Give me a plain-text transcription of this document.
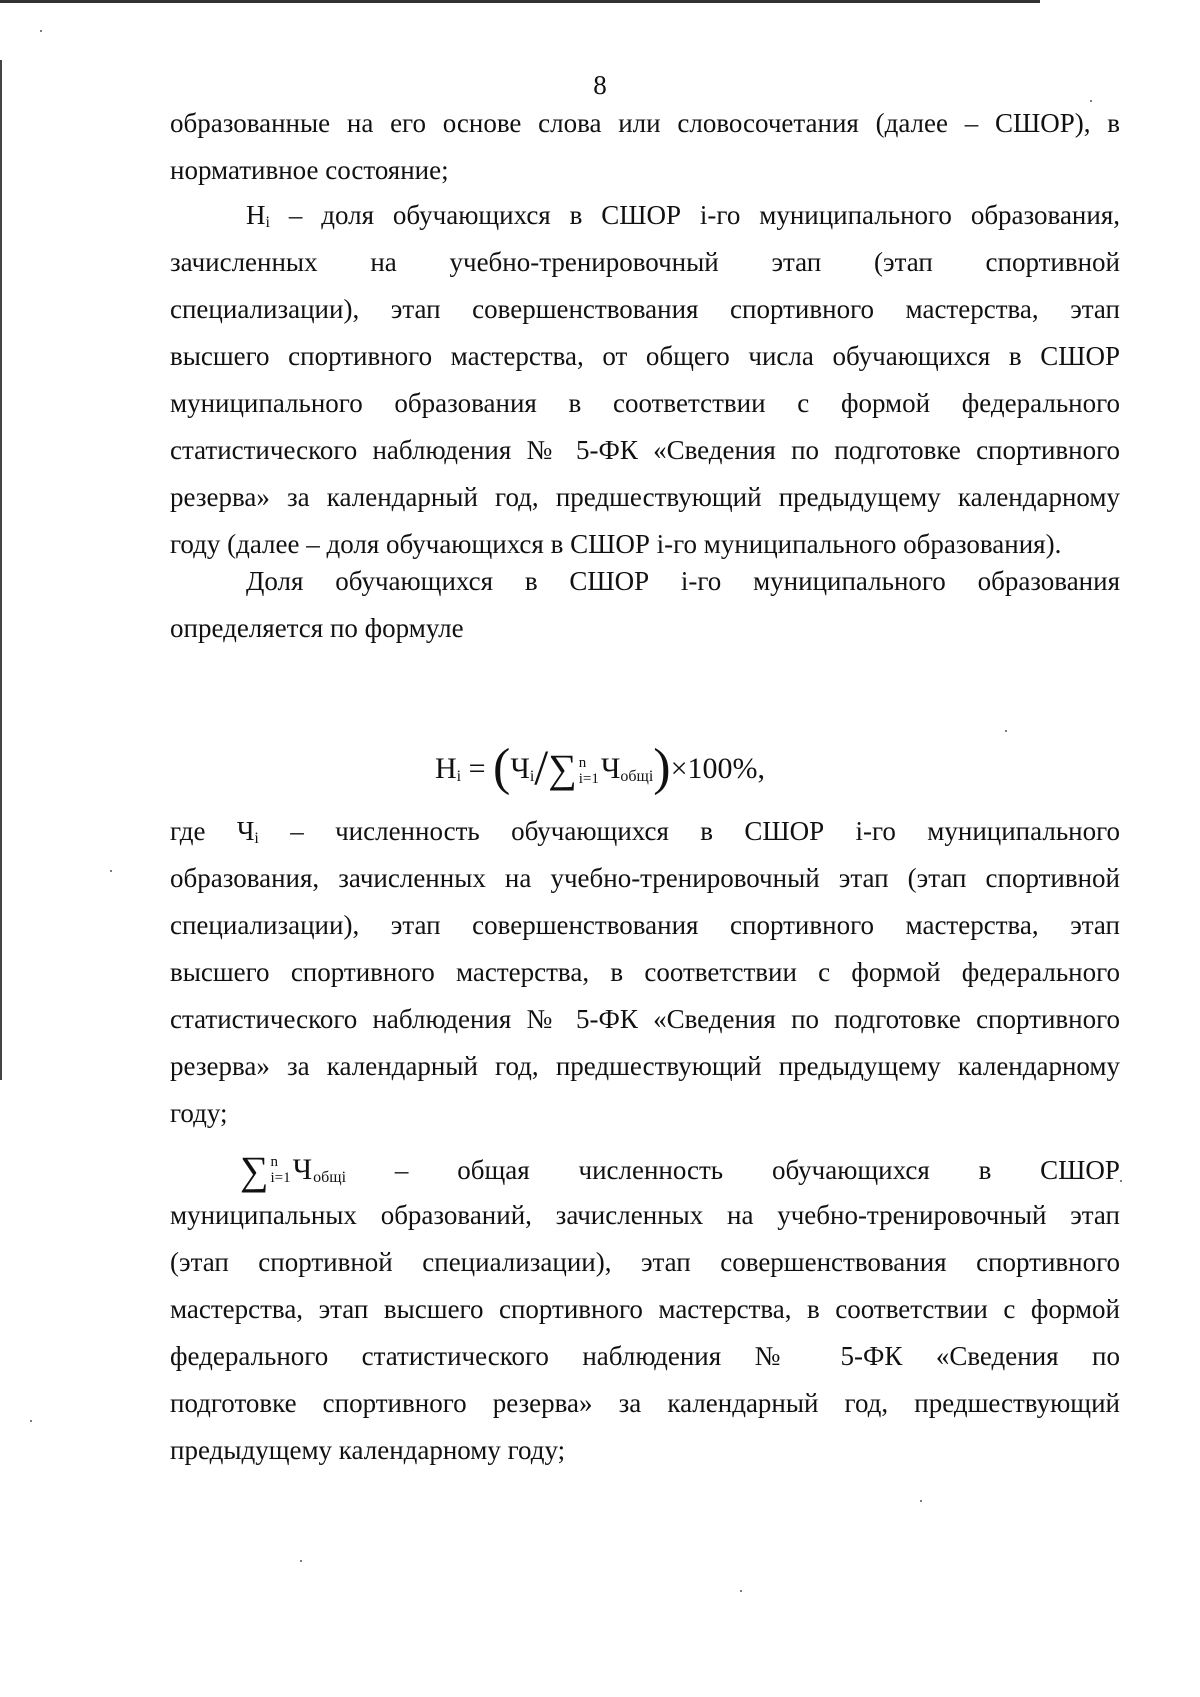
8
образованные на его основе слова или словосочетания (далее – СШОР), в
нормативное состояние;
$Н_i$ – доля обучающихся в СШОР i-го муниципального образования,
зачисленных на учебно-тренировочный этап (этап спортивной
специализации), этап совершенствования спортивного мастерства, этап
высшего спортивного мастерства, от общего числа обучающихся в СШОР
муниципального образования в соответствии с формой федерального
статистического наблюдения № 5-ФК «Сведения по подготовке спортивного
резерва» за календарный год, предшествующий предыдущему календарному
году (далее – доля обучающихся в СШОР i-го муниципального образования).
Доля обучающихся в СШОР i-го муниципального образования
определяется по формуле
$Н_i = (Ч_i/\sum$ n
i=1 $Ч_{общi})\times 100\%$,
где $Ч_i$ – численность обучающихся в СШОР i-го муниципального
образования, зачисленных на учебно-тренировочный этап (этап спортивной
специализации), этап совершенствования спортивного мастерства, этап
высшего спортивного мастерства, в соответствии с формой федерального
статистического наблюдения № 5-ФК «Сведения по подготовке спортивного
резерва» за календарный год, предшествующий предыдущему календарному
году;
∑ n
i=1 Ч общi – общая численность обучающихся в СШОР
муниципальных образований, зачисленных на учебно-тренировочный этап
(этап спортивной специализации), этап совершенствования спортивного
мастерства, этап высшего спортивного мастерства, в соответствии с формой
федерального статистического наблюдения № 5-ФК «Сведения по
подготовке спортивного резерва» за календарный год, предшествующий
предыдущему календарному году;
